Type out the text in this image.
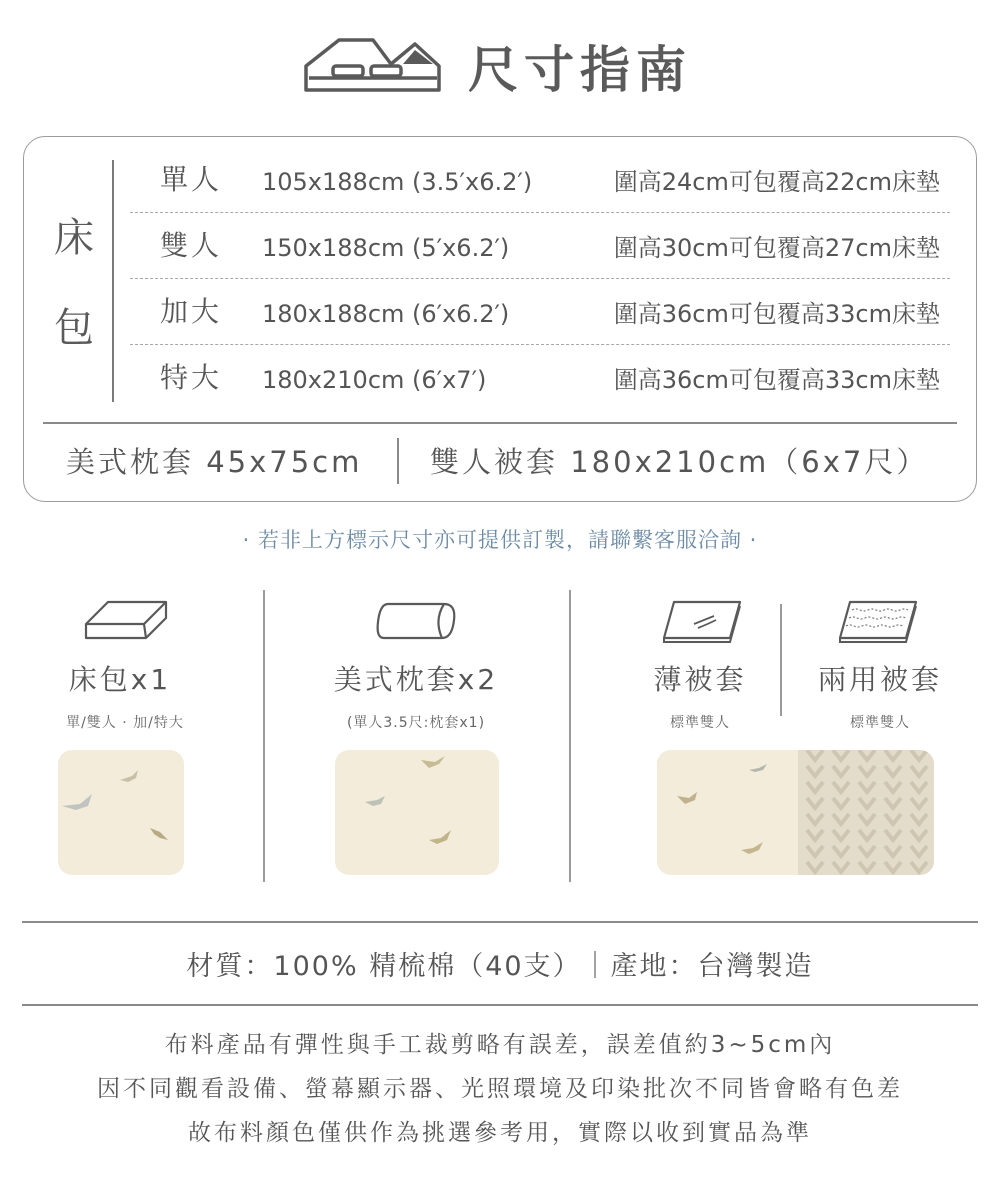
尺寸指南
床
包
單人 105x188cm (3.5′x6.2′)	圍高24cm可包覆高22cm床墊
雙人 150x188cm (5′x6.2′)	圍高30cm可包覆高27cm床墊
加大 180x188cm (6′x6.2′)	圍高36cm可包覆高33cm床墊
特大 180x210cm (6′x7′)	圍高36cm可包覆高33cm床墊
美式枕套 45x75cm 雙人被套 180x210cm（6x7尺）
· 若非上方標示尺寸亦可提供訂製，請聯繫客服洽詢 ·
床包x1
單/雙人 · 加/特大
美式枕套x2
(單人3.5尺:枕套x1)
薄被套
標準雙人
兩用被套
標準雙人
材質：100% 精梳棉（40支）｜產地：台灣製造
布料產品有彈性與手工裁剪略有誤差，誤差值約3~5cm內
因不同觀看設備、螢幕顯示器、光照環境及印染批次不同皆會略有色差
故布料顏色僅供作為挑選參考用，實際以收到實品為準
